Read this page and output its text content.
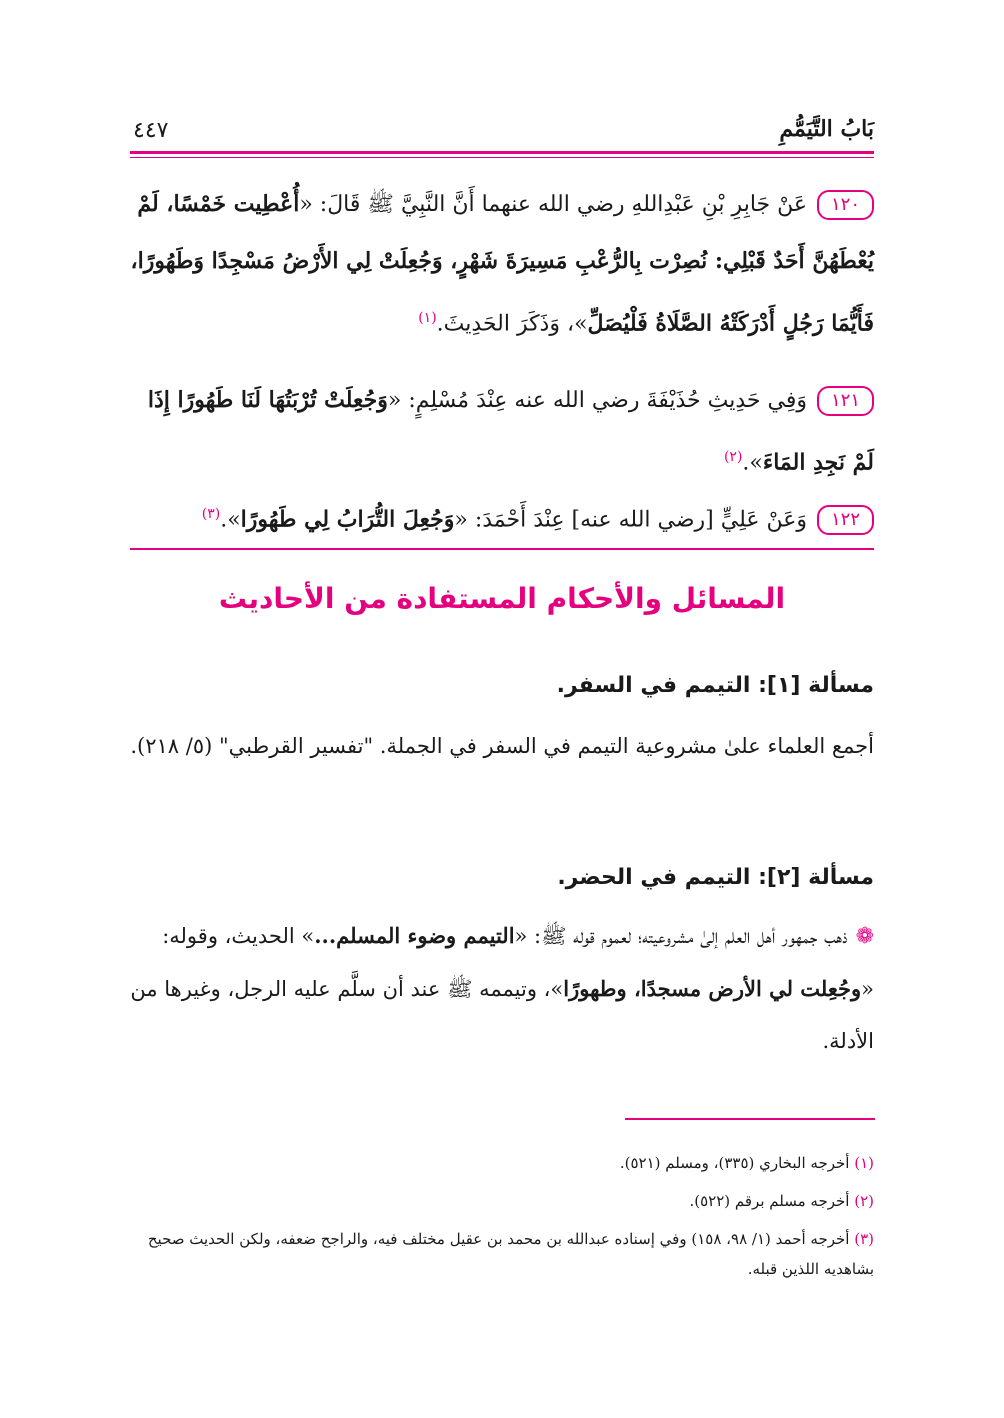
بَابُ التَّيَمُّمِ
٤٤٧
١٢٠عَنْ جَابِرِ بْنِ عَبْدِاللهِ رضي الله عنهما أَنَّ النَّبِيَّ ﷺ قَالَ: «أُعْطِيت خَمْسًا، لَمْ يُعْطَهُنَّ أَحَدٌ قَبْلِي: نُصِرْت بِالرُّعْبِ مَسِيرَةَ شَهْرٍ، وَجُعِلَتْ لِي الأَرْضُ مَسْجِدًا وَطَهُورًا، فَأَيُّمَا رَجُلٍ أَدْرَكَتْهُ الصَّلَاةُ فَلْيُصَلِّ»، وَذَكَرَ الحَدِيثَ.$^{(١)}$
١٢١وَفِي حَدِيثِ حُذَيْفَةَ رضي الله عنه عِنْدَ مُسْلِمٍ: «وَجُعِلَتْ تُرْبَتُهَا لَنَا طَهُورًا إِذَا لَمْ نَجِدِ المَاءَ».$^{(٢)}$
١٢٢وَعَنْ عَلِيٍّ [رضي الله عنه] عِنْدَ أَحْمَدَ: «وَجُعِلَ التُّرَابُ لِي طَهُورًا».$^{(٣)}$
المسائل والأحكام المستفادة من الأحاديث
مسألة [١]: التيمم في السفر.
أجمع العلماء علىٰ مشروعية التيمم في السفر في الجملة. "تفسير القرطبي" (٥/ ٢١٨).
مسألة [٢]: التيمم في الحضر.
❁ذهب جمهور أهل العلم إلىٰ مشروعيته؛ لعموم قوله ﷺ: «التيمم وضوء المسلم...» الحديث، وقوله: «وجُعِلت لي الأرض مسجدًا، وطهورًا»، وتيممه ﷺ عند أن سلَّم عليه الرجل، وغيرها من الأدلة.
(١) أخرجه البخاري (٣٣٥)، ومسلم (٥٢١).
(٢) أخرجه مسلم برقم (٥٢٢).
(٣) أخرجه أحمد (١/ ٩٨، ١٥٨) وفي إسناده عبدالله بن محمد بن عقيل مختلف فيه، والراجح ضعفه، ولكن الحديث صحيح بشاهديه اللذين قبله.
